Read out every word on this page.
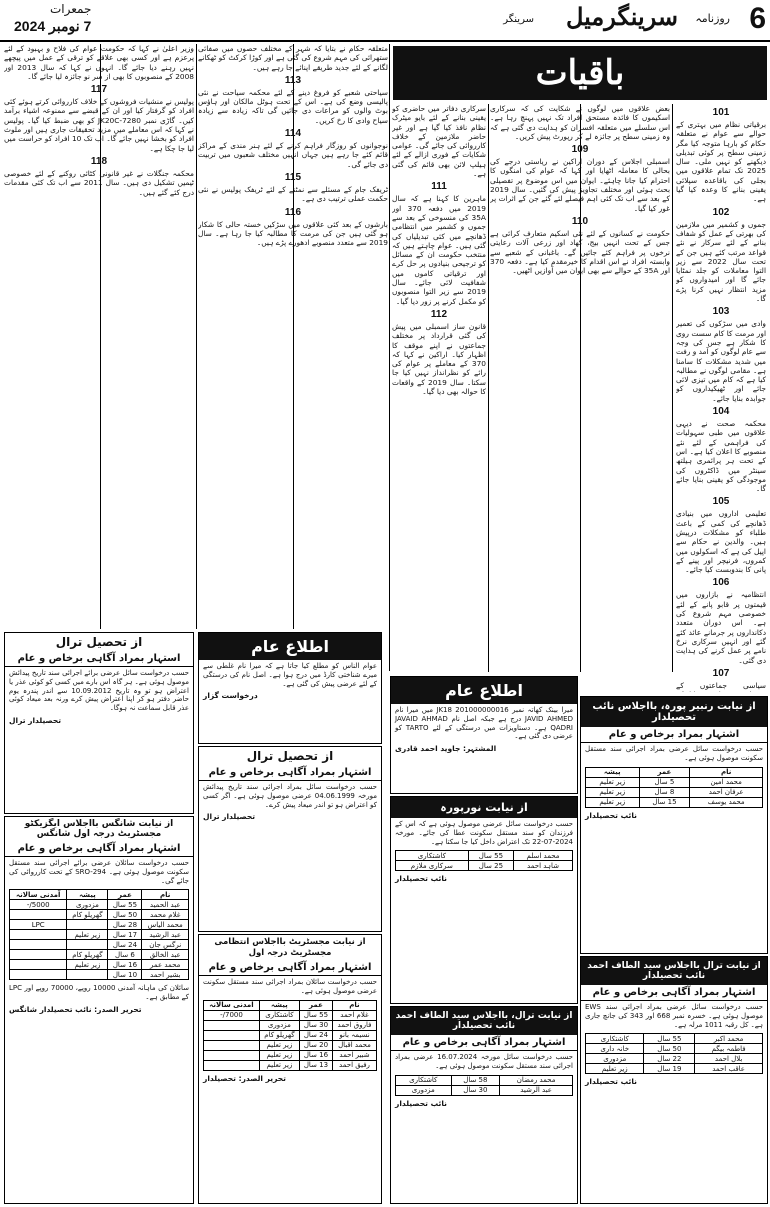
6
روزنامہ
سرینگرمیل
سرینگر
جمعرات
7 نومبر 2024
باقیات
101

برقیاتی نظام میں بہتری کے حوالے سے عوام نے متعلقہ حکام کو بارہا متوجہ کیا مگر زمینی سطح پر کوئی تبدیلی دیکھنے کو نہیں ملی۔ سال 2025 تک تمام علاقوں میں بجلی کی باقاعدہ سپلائی یقینی بنانے کا وعدہ کیا گیا ہے۔

102

جموں و کشمیر میں ملازمین کی بھرتی کے عمل کو شفاف بنانے کے لئے سرکار نے نئے قواعد مرتب کئے ہیں جن کے تحت سال 2022 سے زیر التوا معاملات کو جلد نمٹایا جائے گا اور امیدواروں کو مزید انتظار نہیں کرنا پڑے گا۔

103

وادی میں سڑکوں کی تعمیر اور مرمت کا کام سست روی کا شکار ہے جس کی وجہ سے عام لوگوں کو آمد و رفت میں شدید مشکلات کا سامنا ہے۔ مقامی لوگوں نے مطالبہ کیا ہے کہ کام میں تیزی لائی جائے اور ٹھیکیداروں کو جوابدہ بنایا جائے۔

104

محکمہ صحت نے دیہی علاقوں میں طبی سہولیات کی فراہمی کے لئے نئے منصوبے کا اعلان کیا ہے۔ اس کے تحت ہر پرائمری ہیلتھ سینٹر میں ڈاکٹروں کی موجودگی کو یقینی بنایا جائے گا۔

105

تعلیمی اداروں میں بنیادی ڈھانچے کی کمی کے باعث طلباء کو مشکلات درپیش ہیں۔ والدین نے حکام سے اپیل کی ہے کہ اسکولوں میں کمروں، فرنیچر اور پینے کے پانی کا بندوبست کیا جائے۔

106

انتظامیہ نے بازاروں میں قیمتوں پر قابو پانے کے لئے خصوصی مہم شروع کی ہے۔ اس دوران متعدد دکانداروں پر جرمانے عائد کئے گئے اور انہیں سرکاری نرخ نامے پر عمل کرنے کی ہدایت دی گئی۔

107

سیاسی جماعتوں کے

بعض علاقوں میں لوگوں نے شکایت کی کہ سرکاری اسکیموں کا فائدہ مستحق افراد تک نہیں پہنچ رہا ہے۔ اس سلسلے میں متعلقہ افسران کو ہدایت دی گئی ہے کہ وہ زمینی سطح پر جائزہ لے کر رپورٹ پیش کریں۔

109

اسمبلی اجلاس کے دوران اراکین نے ریاستی درجے کی بحالی کا معاملہ اٹھایا اور کہا کہ عوام کی امنگوں کا احترام کیا جانا چاہئے۔ ایوان میں اس موضوع پر تفصیلی بحث ہوئی اور مختلف تجاویز پیش کی گئیں۔ سال 2019 کے بعد سے اب تک کئی اہم فیصلے لئے گئے جن کے اثرات پر غور کیا گیا۔

110

حکومت نے کسانوں کے لئے نئی اسکیم متعارف کرائی ہے جس کے تحت انہیں بیج، کھاد اور زرعی آلات رعایتی نرخوں پر فراہم کئے جائیں گے۔ باغبانی کے شعبے سے وابستہ افراد نے اس اقدام کا خیرمقدم کیا ہے۔ دفعہ 370 اور 35A کے حوالے سے بھی ایوان میں آوازیں اٹھیں۔

سرکاری دفاتر میں حاضری کو یقینی بنانے کے لئے بایو میٹرک نظام نافذ کیا گیا ہے اور غیر حاضر ملازمین کے خلاف کارروائی کی جائے گی۔ عوامی شکایات کے فوری ازالے کے لئے ہیلپ لائن بھی قائم کی گئی ہے۔

111

ماہرین کا کہنا ہے کہ سال 2019 میں دفعہ 370 اور 35A کی منسوخی کے بعد سے جموں و کشمیر میں انتظامی ڈھانچے میں کئی تبدیلیاں کی گئی ہیں۔ عوام چاہتے ہیں کہ منتخب حکومت ان کے مسائل کو ترجیحی بنیادوں پر حل کرے اور ترقیاتی کاموں میں شفافیت لائی جائے۔ سال 2019 سے زیر التوا منصوبوں کو مکمل کرنے پر زور دیا گیا۔

112

قانون ساز اسمبلی میں پیش کی گئی قرارداد پر مختلف جماعتوں نے اپنے موقف کا اظہار کیا۔ اراکین نے کہا کہ 370 کے معاملے پر عوام کی رائے کو نظرانداز نہیں کیا جا سکتا۔ سال 2019 کے واقعات کا حوالہ بھی دیا گیا۔

متعلقہ حکام نے بتایا کہ شہر کے مختلف حصوں میں صفائی ستھرائی کی مہم شروع کی گئی ہے اور کوڑا کرکٹ کو ٹھکانے لگانے کے لئے جدید طریقے اپنائے جا رہے ہیں۔

113

سیاحتی شعبے کو فروغ دینے کے لئے محکمہ سیاحت نے نئی پالیسی وضع کی ہے۔ اس کے تحت ہوٹل مالکان اور ہاؤس بوٹ والوں کو مراعات دی جائیں گی تاکہ زیادہ سے زیادہ سیاح وادی کا رخ کریں۔

114

نوجوانوں کو روزگار فراہم کرنے کے لئے ہنر مندی کے مراکز قائم کئے جا رہے ہیں جہاں انہیں مختلف شعبوں میں تربیت دی جائے گی۔

115

ٹریفک جام کے مسئلے سے نمٹنے کے لئے ٹریفک پولیس نے نئی حکمت عملی ترتیب دی ہے۔

116

بارشوں کے بعد کئی علاقوں میں سڑکیں خستہ حالی کا شکار ہو گئی ہیں جن کی مرمت کا مطالبہ کیا جا رہا ہے۔ سال 2019 سے متعدد منصوبے ادھورے پڑے ہیں۔

وزیر اعلیٰ نے کہا کہ حکومت عوام کی فلاح و بہبود کے لئے پرعزم ہے اور کسی بھی علاقے کو ترقی کے عمل میں پیچھے نہیں رہنے دیا جائے گا۔ انہوں نے کہا کہ سال 2013 اور 2008 کے منصوبوں کا بھی از سر نو جائزہ لیا جائے گا۔

117

پولیس نے منشیات فروشوں کے خلاف کارروائی کرتے ہوئے کئی افراد کو گرفتار کیا اور ان کے قبضے سے ممنوعہ اشیاء برآمد کیں۔ گاڑی نمبر JK20C-7280 کو بھی ضبط کیا گیا۔ پولیس نے کہا کہ اس معاملے میں مزید تحقیقات جاری ہیں اور ملوث افراد کو بخشا نہیں جائے گا۔ اب تک 10 افراد کو حراست میں لیا جا چکا ہے۔

118

محکمہ جنگلات نے غیر قانونی کٹائی روکنے کے لئے خصوصی ٹیمیں تشکیل دی ہیں۔ سال 2011 سے اب تک کئی مقدمات درج کئے گئے ہیں۔

از تحصیل ترال
استہار بمراد آگاہی برخاص و عام
حسب درخواست سائل عرضی برائے اجرائی سند تاریخ پیدائش موصول ہوئی ہے۔ ہر گاہ اس بارے میں کسی کو کوئی عذر یا اعتراض ہو تو وہ تاریخ 10.09.2012 سے اندر پندرہ یوم حاضر دفتر ہو کر اپنا اعتراض پیش کرے ورنہ بعد میعاد کوئی عذر قابل سماعت نہ ہوگا۔
تحصیلدار ترال
از نیابت شانگس بااجلاس ایگزیکٹو مجسٹریٹ درجہ اول شانگس
اشتہار بمراد آگاہی برخاص و عام
حسب درخواست سائلان عرضی برائے اجرائی سند مستقل سکونت موصول ہوئی ہے۔ SRO-294 کے تحت کارروائی کی جائے گی۔
نام	عمر	پیشہ	آمدنی سالانہ
عبد الحمید	55 سال	مزدوری	5000/-
غلام محمد	50 سال	گھریلو کام	
محمد الیاس	28 سال		LPC
عبد الرشید	17 سال	زیر تعلیم	
نرگس جان	24 سال		
عبد الخالق	6 سال	گھریلو کام	
محمد عمر	16 سال	زیر تعلیم	
بشیر احمد	10 سال		
سائلان کی ماہانہ آمدنی 10000 روپے، 70000 روپے اور LPC کے مطابق ہے۔
تحریر الصدر: نائب تحصیلدار شانگس
اطلاع عام
عوام الناس کو مطلع کیا جاتا ہے کہ میرا نام غلطی سے میرے شناختی کارڈ میں درج ہوا ہے۔ اصل نام کی درستگی کے لئے عرضی پیش کی گئی ہے۔
درخواست گزار
از تحصیل ترال
اشتہار بمراد آگاہی برخاص و عام
حسب درخواست سائل بمراد اجرائی سند تاریخ پیدائش مورخہ 04.06.1999 عرضی موصول ہوئی ہے۔ اگر کسی کو اعتراض ہو تو اندر میعاد پیش کرے۔
تحصیلدار ترال
از نیابت مجسٹریٹ بااجلاس انتظامی مجسٹریٹ درجہ اول
اشتہار بمراد آگاہی برخاص و عام
حسب درخواست سائلان بمراد اجرائی سند مستقل سکونت عرضی موصول ہوئی ہے۔
نام	عمر	پیشہ	آمدنی سالانہ
غلام احمد	55 سال	کاشتکاری	7000/-
فاروق احمد	30 سال	مزدوری	
نسیمہ بانو	24 سال	گھریلو کام	
محمد اقبال	20 سال	زیر تعلیم	
شبیر احمد	16 سال	زیر تعلیم	
رفیق احمد	13 سال	زیر تعلیم	
تحریر الصدر: تحصیلدار
اطلاع عام
میرا بینک کھاتہ نمبر JK18 201000000016 میں میرا نام JAVID AHMED درج ہے جبکہ اصل نام JAVAID AHMAD QADRI ہے۔ دستاویزات میں درستگی کے لئے TARTO کو عرضی دی گئی ہے۔
المشتہر: جاوید احمد قادری
از نیابت نورپورہ
حسب درخواست سائل عرضی موصول ہوئی ہے کہ اس کے فرزندان کو سند مستقل سکونت عطا کی جائے۔ مورخہ 2024-07-22 تک اعتراض داخل کیا جا سکتا ہے۔
محمد اسلم	55 سال	کاشتکاری
شاہد احمد	25 سال	سرکاری ملازم
نائب تحصیلدار
از نیابت ترال، بااجلاس سید الطاف احمد نائب تحصیلدار
اشتہار بمراد آگاہی برخاص و عام
حسب درخواست سائل مورخہ 16.07.2024 عرضی بمراد اجرائی سند مستقل سکونت موصول ہوئی ہے۔
محمد رمضان	58 سال	کاشتکاری
عبد الرشید	30 سال	مزدوری
نائب تحصیلدار
از نیابت رنبیر پورہ، بااجلاس نائب تحصیلدار
اشتہار بمراد برخاص و عام
حسب درخواست سائل عرضی بمراد اجرائی سند مستقل سکونت موصول ہوئی ہے۔
نام	عمر	پیشہ
محمد امین	5 سال	زیر تعلیم
عرفان احمد	8 سال	زیر تعلیم
محمد یوسف	15 سال	زیر تعلیم
نائب تحصیلدار
از نیابت ترال بااجلاس سید الطاف احمد نائب تحصیلدار
اشتہار بمراد آگاہی برخاص و عام
حسب درخواست سائل عرضی بمراد اجرائی سند EWS موصول ہوئی ہے۔ خسرہ نمبر 668 اور 343 کی جانچ جاری ہے۔ کل رقبہ 1011 مرلہ ہے۔
محمد اکبر	55 سال	کاشتکاری
فاطمہ بیگم	50 سال	خانہ داری
بلال احمد	22 سال	مزدوری
عاقب احمد	19 سال	زیر تعلیم
نائب تحصیلدار
